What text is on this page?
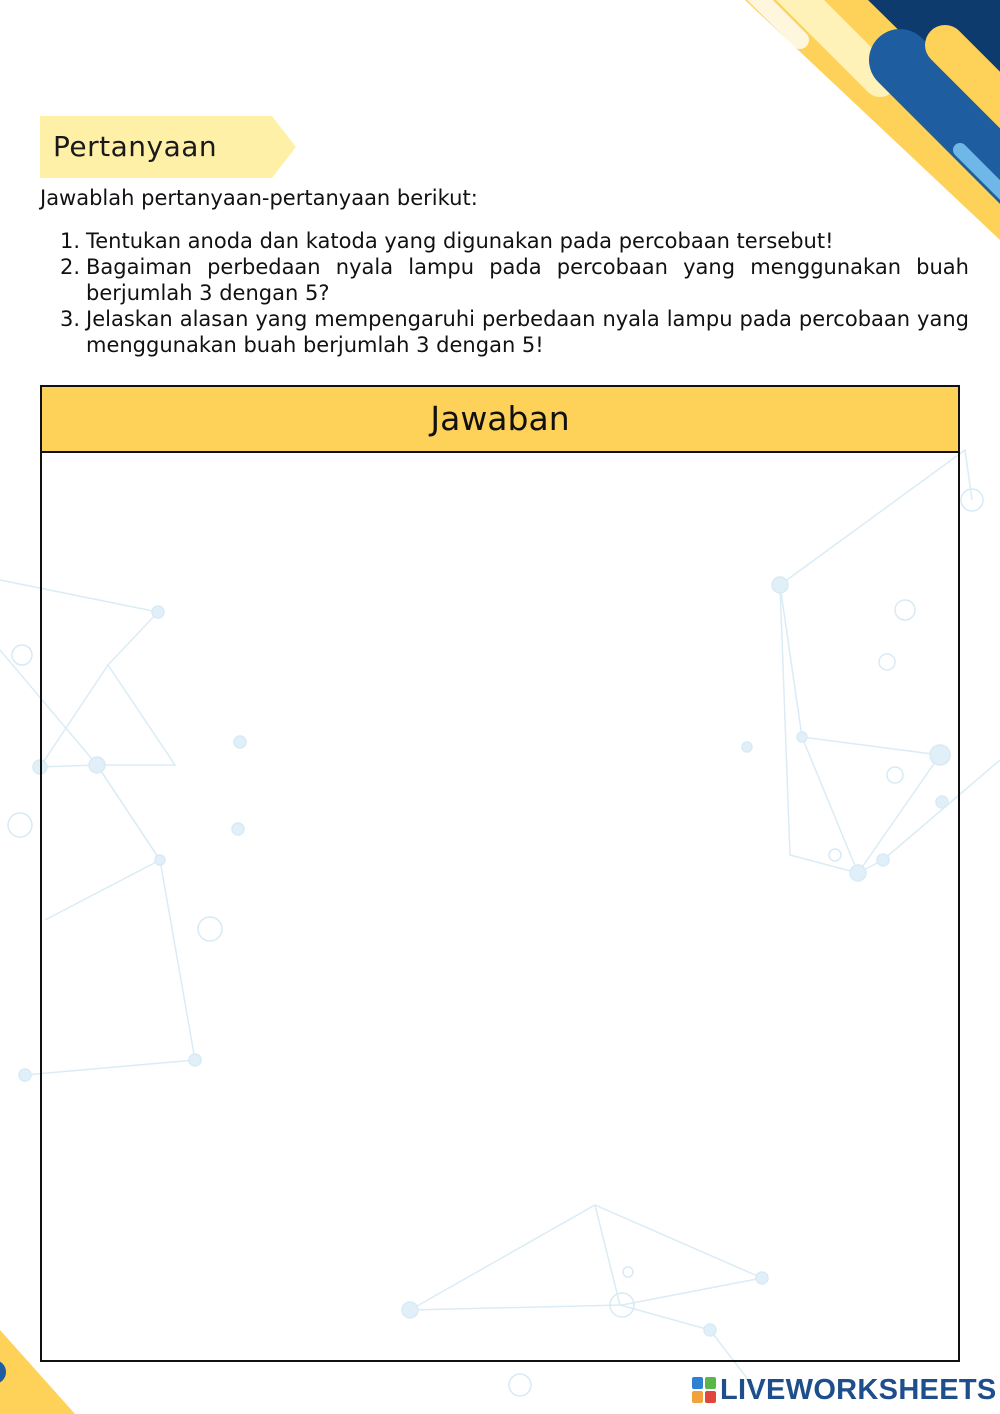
Pertanyaan
Jawablah pertanyaan-pertanyaan berikut:
1. Tentukan anoda dan katoda yang digunakan pada percobaan tersebut!
2. Bagaiman perbedaan nyala lampu pada percobaan yang menggunakan buah berjumlah 3 dengan 5?
3. Jelaskan alasan yang mempengaruhi perbedaan nyala lampu pada percobaan yang menggunakan buah berjumlah 3 dengan 5!
Jawaban
LIVEWORKSHEETS
